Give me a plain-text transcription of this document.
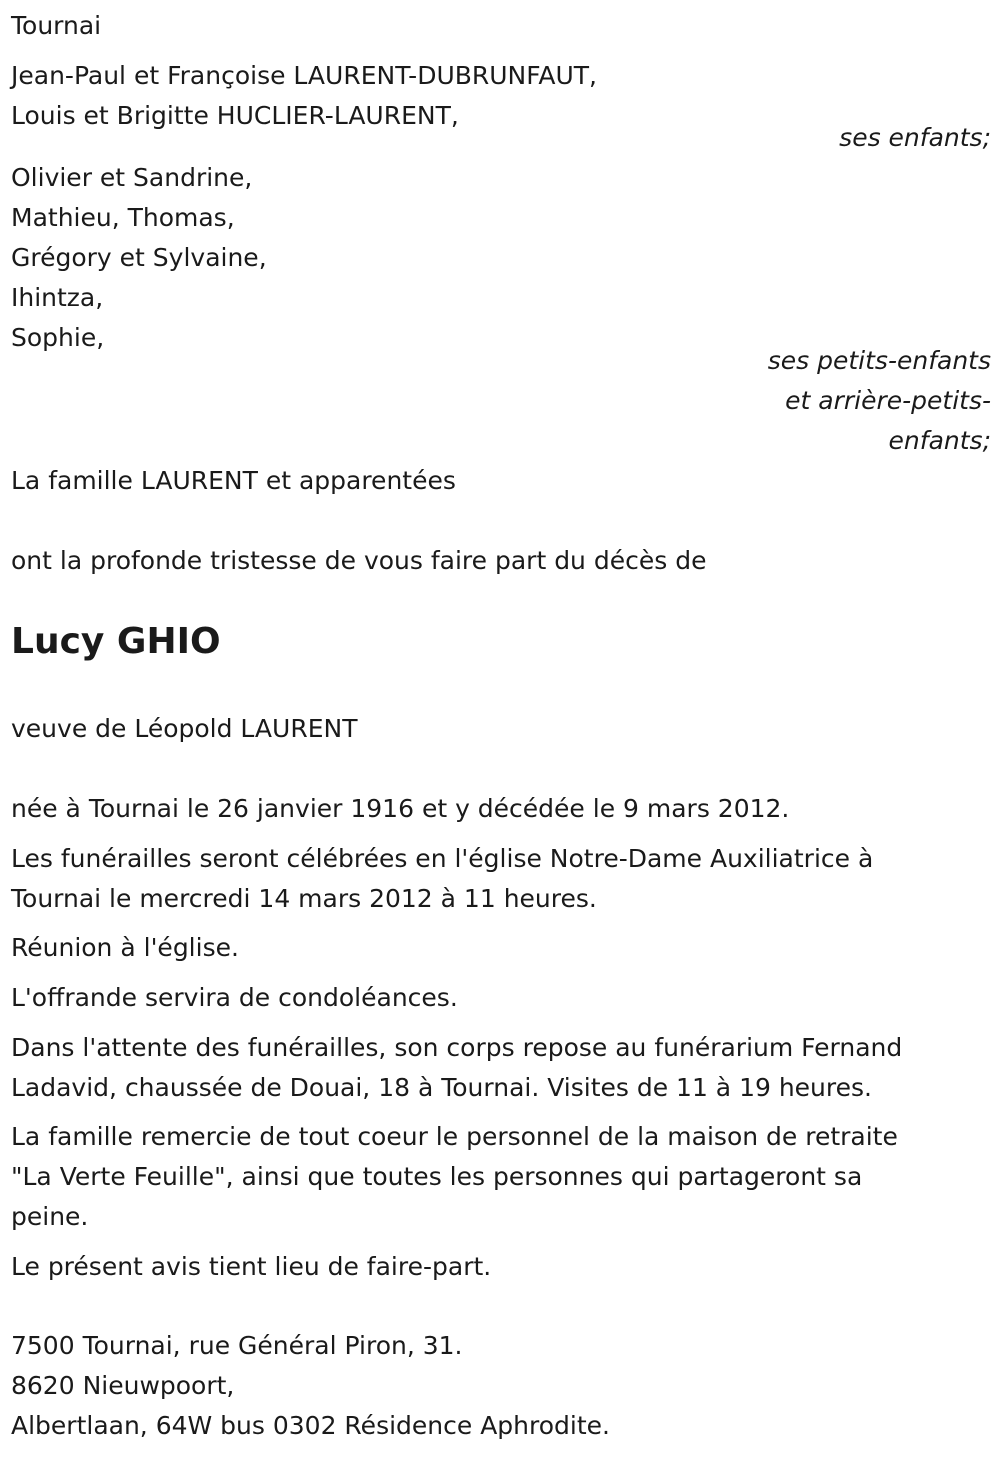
Tournai
Jean-Paul et Françoise LAURENT-DUBRUNFAUT,
Louis et Brigitte HUCLIER-LAURENT,
ses enfants;
Olivier et Sandrine,
Mathieu, Thomas,
Grégory et Sylvaine,
Ihintza,
Sophie,
ses petits-enfants
et arrière-petits-
enfants;
La famille LAURENT et apparentées
ont la profonde tristesse de vous faire part du décès de
Lucy GHIO
veuve de Léopold LAURENT
née à Tournai le 26 janvier 1916 et y décédée le 9 mars 2012.
Les funérailles seront célébrées en l'église Notre-Dame Auxiliatrice à
Tournai le mercredi 14 mars 2012 à 11 heures.
Réunion à l'église.
L'offrande servira de condoléances.
Dans l'attente des funérailles, son corps repose au funérarium Fernand
Ladavid, chaussée de Douai, 18 à Tournai. Visites de 11 à 19 heures.
La famille remercie de tout coeur le personnel de la maison de retraite
"La Verte Feuille", ainsi que toutes les personnes qui partageront sa
peine.
Le présent avis tient lieu de faire-part.
7500 Tournai, rue Général Piron, 31.
8620 Nieuwpoort,
Albertlaan, 64W bus 0302 Résidence Aphrodite.
